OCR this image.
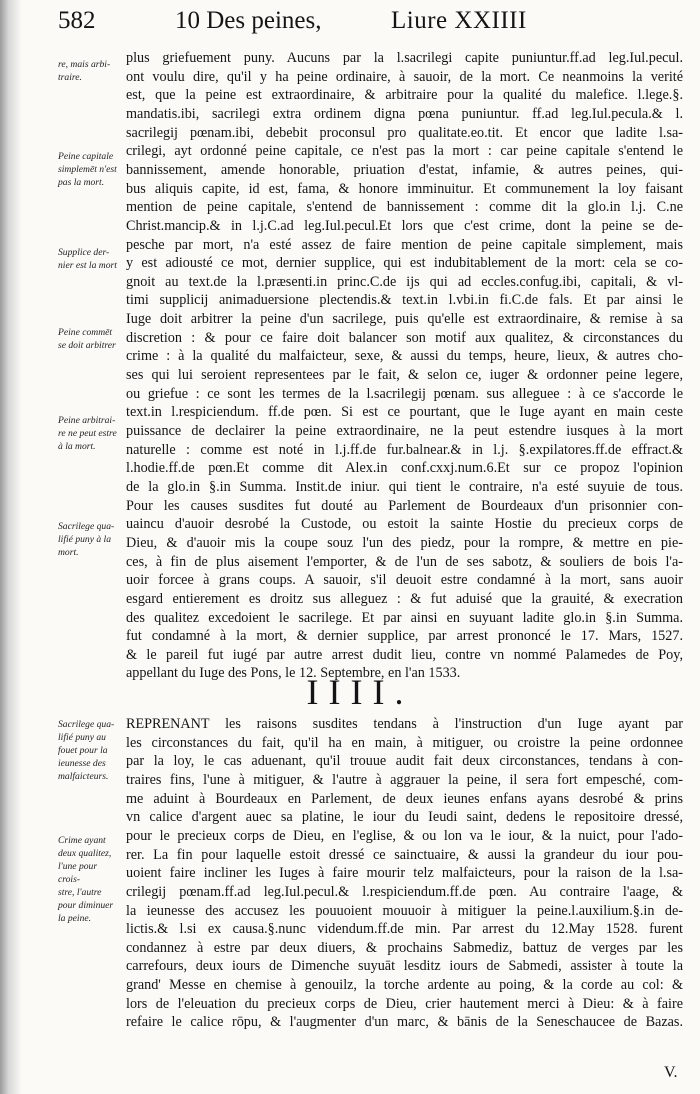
582	10 Des peines,	Liure XXIIII
re, mais arbi-
traire.
Peine capitale
simplemēt n'est
pas la mort.
Supplice der-
nier est la mort
Peine commēt
se doit arbitrer
Peine arbitrai-
re ne peut estre
à la mort.
Sacrilege qua-
lifié puny à la
mort.
Sacrilege qua-
lifié puny au
fouet pour la
ieunesse des
malfaicteurs.
Crime ayant
deux qualitez,
l'une pour crois-
stre, l'autre
pour diminuer
la peine.
plus griefuement puny. Aucuns par la l.sacrilegi capite puniuntur.ff.ad leg.Iul.pecul.
ont voulu dire, qu'il y ha peine ordinaire, à sauoir, de la mort. Ce neanmoins la verité
est, que la peine est extraordinaire, & arbitraire pour la qualité du malefice. l.lege.§.
mandatis.ibi, sacrilegi extra ordinem digna pœna puniuntur. ff.ad leg.Iul.pecula.& l.
sacrilegij pœnam.ibi, debebit proconsul pro qualitate.eo.tit. Et encor que ladite l.sa-
crilegi, ayt ordonné peine capitale, ce n'est pas la mort : car peine capitale s'entend le
bannissement, amende honorable, priuation d'estat, infamie, & autres peines, qui-
bus aliquis capite, id est, fama, & honore imminuitur. Et communement la loy faisant
mention de peine capitale, s'entend de bannissement : comme dit la glo.in l.j. C.ne
Christ.mancip.& in l.j.C.ad leg.Iul.pecul.Et lors que c'est crime, dont la peine se de-
pesche par mort, n'a esté assez de faire mention de peine capitale simplement, mais
y est adiousté ce mot, dernier supplice, qui est indubitablement de la mort: cela se co-
gnoit au text.de la l.præsenti.in princ.C.de ijs qui ad eccles.confug.ibi, capitali, & vl-
timi supplicij animaduersione plectendis.& text.in l.vbi.in fi.C.de fals. Et par ainsi le
Iuge doit arbitrer la peine d'un sacrilege, puis qu'elle est extraordinaire, & remise à sa
discretion : & pour ce faire doit balancer son motif aux qualitez, & circonstances du
crime : à la qualité du malfaicteur, sexe, & aussi du temps, heure, lieux, & autres cho-
ses qui lui seroient representees par le fait, & selon ce, iuger & ordonner peine legere,
ou griefue : ce sont les termes de la l.sacrilegij pœnam. sus alleguee : à ce s'accorde le
text.in l.respiciendum. ff.de pœn. Si est ce pourtant, que le Iuge ayant en main ceste
puissance de declairer la peine extraordinaire, ne la peut estendre iusques à la mort
naturelle : comme est noté in l.j.ff.de fur.balnear.& in l.j. §.expilatores.ff.de effract.&
l.hodie.ff.de pœn.Et comme dit Alex.in conf.cxxj.num.6.Et sur ce propoz l'opinion
de la glo.in §.in Summa. Instit.de iniur. qui tient le contraire, n'a esté suyuie de tous.
Pour les causes susdites fut douté au Parlement de Bourdeaux d'un prisonnier con-
uaincu d'auoir desrobé la Custode, ou estoit la sainte Hostie du precieux corps de
Dieu, & d'auoir mis la coupe souz l'un des piedz, pour la rompre, & mettre en pie-
ces, à fin de plus aisement l'emporter, & de l'un de ses sabotz, & souliers de bois l'a-
uoir forcee à grans coups. A sauoir, s'il deuoit estre condamné à la mort, sans auoir
esgard entierement es droitz sus alleguez : & fut aduisé que la grauité, & execration
des qualitez excedoient le sacrilege. Et par ainsi en suyuant ladite glo.in §.in Summa.
fut condamné à la mort, & dernier supplice, par arrest prononcé le 17. Mars, 1527.
& le pareil fut iugé par autre arrest dudit lieu, contre vn nommé Palamedes de Poy,
appellant du Iuge des Pons, le 12. Septembre, en l'an 1533.
REPRENANT les raisons susdites tendans à l'instruction d'un Iuge ayant par
les circonstances du fait, qu'il ha en main, à mitiguer, ou croistre la peine ordonnee
par la loy, le cas aduenant, qu'il trouue audit fait deux circonstances, tendans à con-
traires fins, l'une à mitiguer, & l'autre à aggrauer la peine, il sera fort empesché, com-
me aduint à Bourdeaux en Parlement, de deux ieunes enfans ayans desrobé & prins
vn calice d'argent auec sa platine, le iour du Ieudi saint, dedens le repositoire dressé,
pour le precieux corps de Dieu, en l'eglise, & ou lon va le iour, & la nuict, pour l'ado-
rer. La fin pour laquelle estoit dressé ce sainctuaire, & aussi la grandeur du iour pou-
uoient faire incliner les Iuges à faire mourir telz malfaicteurs, pour la raison de la l.sa-
crilegij pœnam.ff.ad leg.Iul.pecul.& l.respiciendum.ff.de pœn. Au contraire l'aage, &
la ieunesse des accusez les pouuoient mouuoir à mitiguer la peine.l.auxilium.§.in de-
lictis.& l.si ex causa.§.nunc videndum.ff.de min. Par arrest du 12.May 1528. furent
condannez à estre par deux diuers, & prochains Sabmediz, battuz de verges par les
carrefours, deux iours de Dimenche suyuāt lesditz iours de Sabmedi, assister à toute la
grand' Messe en chemise à genouilz, la torche ardente au poing, & la corde au col: &
lors de l'eleuation du precieux corps de Dieu, crier hautement merci à Dieu: & à faire
refaire le calice rōpu, & l'augmenter d'un marc, & bānis de la Seneschaucee de Bazas.
IIII.
V.
